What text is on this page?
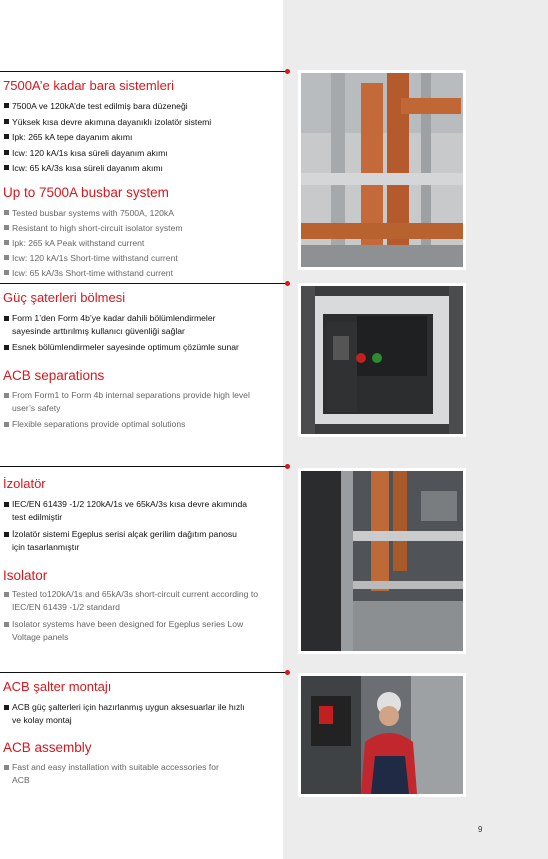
7500A’e kadar bara sistemleri
7500A ve 120kA’de test edilmiş bara düzeneği
Yüksek kısa devre akımına dayanıklı izolatör sistemi
Ipk: 265 kA tepe dayanım akımı
Icw: 120 kA/1s kısa süreli dayanım akımı
Icw: 65 kA/3s kısa süreli dayanım akımı
Up to 7500A busbar system
Tested busbar systems with 7500A, 120kA
Resistant to high short-circuit isolator system
Ipk: 265 kA Peak withstand current
Icw: 120 kA/1s Short-time withstand current
Icw: 65 kA/3s Short-time withstand current
Güç şaterleri bölmesi
Form 1’den Form 4b’ye kadar dahili bölümlendirmeler sayesinde arttırılmış kullanıcı güvenliği sağlar
Esnek bölümlendirmeler sayesinde optimum çözümle sunar
ACB separations
From Form1 to Form 4b internal separations provide high level user’s safety
Flexible separations provide optimal solutions
İzolatör
IEC/EN 61439 -1/2 120kA/1s ve 65kA/3s kısa devre akımında test edilmiştir
İzolatör sistemi Egeplus serisi alçak gerilim dağıtım panosu için tasarlanmıştır
Isolator
Tested to120kA/1s and 65kA/3s short-circuit current according to IEC/EN 61439 -1/2 standard
Isolator systems have been designed for Egeplus series Low Voltage panels
ACB şalter montajı
ACB güç şalterleri için hazırlanmış uygun aksesuarlar ile hızlı ve kolay montaj
ACB assembly
Fast and easy installation with suitable accessories for ACB
9
